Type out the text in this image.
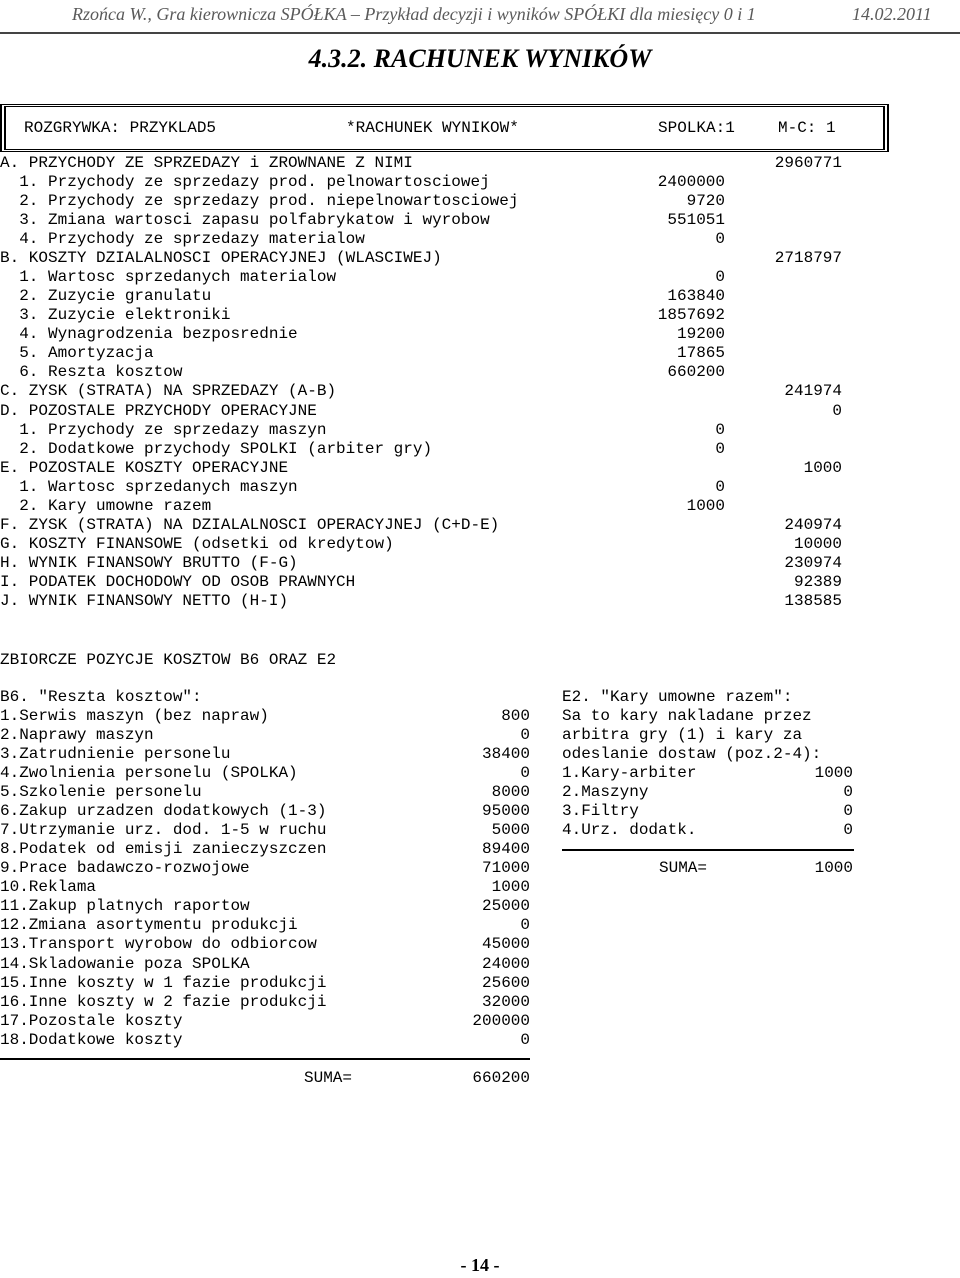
Rzońca W., Gra kierownicza SPÓŁKA – Przykład decyzji i wyników SPÓŁKI dla miesięcy 0 i 1	14.02.2011
4.3.2. RACHUNEK WYNIKÓW
ROZGRYWKA: PRZYKLAD5	*RACHUNEK WYNIKOW*	SPOLKA:1	M-C: 1
A. PRZYCHODY ZE SPRZEDAZY i ZROWNANE Z NIMI	2960771
1. Przychody ze sprzedazy prod. pelnowartosciowej	2400000
2. Przychody ze sprzedazy prod. niepelnowartosciowej	9720
3. Zmiana wartosci zapasu polfabrykatow i wyrobow	551051
4. Przychody ze sprzedazy materialow	0
B. KOSZTY DZIALALNOSCI OPERACYJNEJ (WLASCIWEJ)	2718797
1. Wartosc sprzedanych materialow	0
2. Zuzycie granulatu	163840
3. Zuzycie elektroniki	1857692
4. Wynagrodzenia bezposrednie	19200
5. Amortyzacja	17865
6. Reszta kosztow	660200
C. ZYSK (STRATA) NA SPRZEDAZY (A-B)	241974
D. POZOSTALE PRZYCHODY OPERACYJNE	0
1. Przychody ze sprzedazy maszyn	0
2. Dodatkowe przychody SPOLKI (arbiter gry)	0
E. POZOSTALE KOSZTY OPERACYJNE	1000
1. Wartosc sprzedanych maszyn	0
2. Kary umowne razem	1000
F. ZYSK (STRATA) NA DZIALALNOSCI OPERACYJNEJ (C+D-E)	240974
G. KOSZTY FINANSOWE (odsetki od kredytow)	10000
H. WYNIK FINANSOWY BRUTTO (F-G)	230974
I. PODATEK DOCHODOWY OD OSOB PRAWNYCH	92389
J. WYNIK FINANSOWY NETTO (H-I)	138585
ZBIORCZE POZYCJE KOSZTOW B6 ORAZ E2
B6. "Reszta kosztow":
1.Serwis maszyn (bez napraw)	800
2.Naprawy maszyn	0
3.Zatrudnienie personelu	38400
4.Zwolnienia personelu (SPOLKA)	0
5.Szkolenie personelu	8000
6.Zakup urzadzen dodatkowych (1-3)	95000
7.Utrzymanie urz. dod. 1-5 w ruchu	5000
8.Podatek od emisji zanieczyszczen	89400
9.Prace badawczo-rozwojowe	71000
10.Reklama	1000
11.Zakup platnych raportow	25000
12.Zmiana asortymentu produkcji	0
13.Transport wyrobow do odbiorcow	45000
14.Skladowanie poza SPOLKA	24000
15.Inne koszty w 1 fazie produkcji	25600
16.Inne koszty w 2 fazie produkcji	32000
17.Pozostale koszty	200000
18.Dodatkowe koszty	0
SUMA=	660200
E2. "Kary umowne razem":
Sa to kary nakladane przez
arbitra gry (1) i kary za
odeslanie dostaw (poz.2-4):
1.Kary-arbiter	1000
2.Maszyny	0
3.Filtry	0
4.Urz. dodatk.	0
SUMA=	1000
- 14 -
